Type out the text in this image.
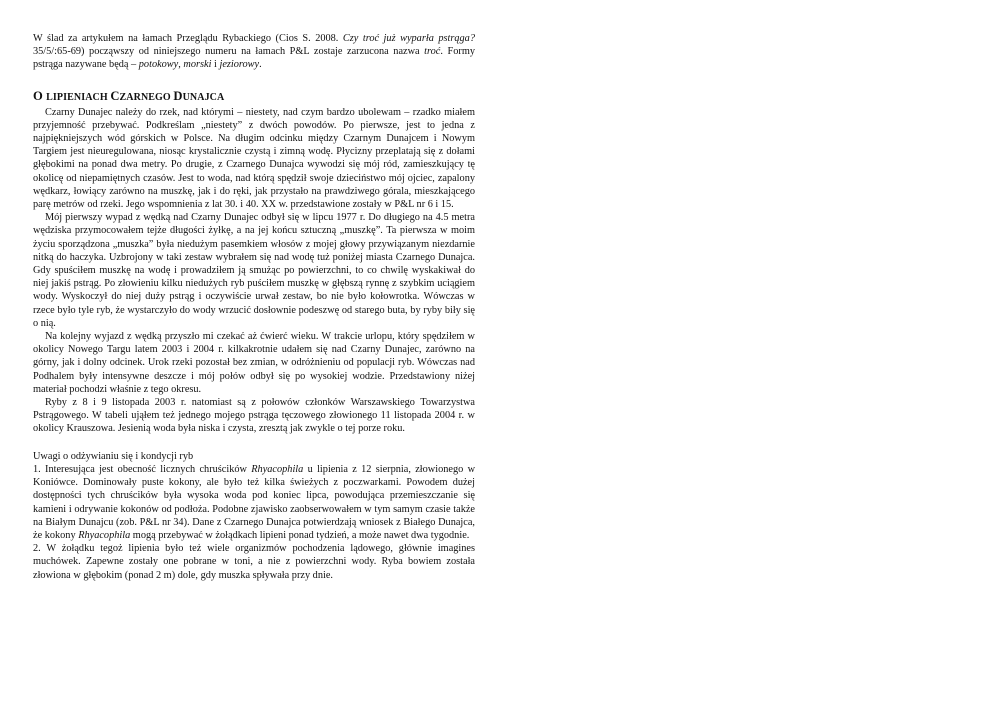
W ślad za artykułem na łamach Przeglądu Rybackiego (Cios S. 2008. Czy troć już wyparła pstrąga? 35/5/:65-69) począwszy od niniejszego numeru na łamach P&L zostaje zarzucona nazwa troć. Formy pstrąga nazywane będą – potokowy, morski i jeziorowy.

O LIPIENIACH CZARNEGO DUNAJCA

Czarny Dunajec należy do rzek, nad którymi – niestety, nad czym bardzo ubolewam – rzadko miałem przyjemność przebywać. Podkreślam „niestety” z dwóch powodów. Po pierwsze, jest to jedna z najpiękniejszych wód górskich w Polsce. Na długim odcinku między Czarnym Dunajcem i Nowym Targiem jest nieuregulowana, niosąc krystalicznie czystą i zimną wodę. Płycizny przeplatają się z dołami głębokimi na ponad dwa metry. Po drugie, z Czarnego Dunajca wywodzi się mój ród, zamieszkujący tę okolicę od niepamiętnych czasów. Jest to woda, nad którą spędził swoje dzieciństwo mój ojciec, zapalony wędkarz, łowiący zarówno na muszkę, jak i do ręki, jak przystało na prawdziwego górala, mieszkającego parę metrów od rzeki. Jego wspomnienia z lat 30. i 40. XX w. przedstawione zostały w P&L nr 6 i 15.

Mój pierwszy wypad z wędką nad Czarny Dunajec odbył się w lipcu 1977 r. Do długiego na 4.5 metra wędziska przymocowałem tejże długości żyłkę, a na jej końcu sztuczną „muszkę”. Ta pierwsza w moim życiu sporządzona „muszka” była niedużym pasemkiem włosów z mojej głowy przywiązanym niezdarnie nitką do haczyka. Uzbrojony w taki zestaw wybrałem się nad wodę tuż poniżej miasta Czarnego Dunajca. Gdy spuściłem muszkę na wodę i prowadziłem ją smużąc po powierzchni, to co chwilę wyskakiwał do niej jakiś pstrąg. Po złowieniu kilku niedużych ryb puściłem muszkę w głębszą rynnę z szybkim uciągiem wody. Wyskoczył do niej duży pstrąg i oczywiście urwał zestaw, bo nie było kołowrotka. Wówczas w rzece było tyle ryb, że wystarczyło do wody wrzucić dosłownie podeszwę od starego buta, by ryby biły się o nią.

Na kolejny wyjazd z wędką przyszło mi czekać aż ćwierć wieku. W trakcie urlopu, który spędziłem w okolicy Nowego Targu latem 2003 i 2004 r. kilkakrotnie udałem się nad Czarny Dunajec, zarówno na górny, jak i dolny odcinek. Urok rzeki pozostał bez zmian, w odróżnieniu od populacji ryb. Wówczas nad Podhalem były intensywne deszcze i mój połów odbył się po wysokiej wodzie. Przedstawiony niżej materiał pochodzi właśnie z tego okresu.

Ryby z 8 i 9 listopada 2003 r. natomiast są z połowów członków Warszawskiego Towarzystwa Pstrągowego. W tabeli ująłem też jednego mojego pstrąga tęczowego złowionego 11 listopada 2004 r. w okolicy Krauszowa. Jesienią woda była niska i czysta, zresztą jak zwykle o tej porze roku.

Uwagi o odżywianiu się i kondycji ryb

1. Interesująca jest obecność licznych chruścików Rhyacophila u lipienia z 12 sierpnia, złowionego w Koniówce. Dominowały puste kokony, ale było też kilka świeżych z poczwarkami. Powodem dużej dostępności tych chruścików była wysoka woda pod koniec lipca, powodująca przemieszczanie się kamieni i odrywanie kokonów od podłoża. Podobne zjawisko zaobserwowałem w tym samym czasie także na Białym Dunajcu (zob. P&L nr 34). Dane z Czarnego Dunajca potwierdzają wniosek z Białego Dunajca, że kokony Rhyacophila mogą przebywać w żołądkach lipieni ponad tydzień, a może nawet dwa tygodnie.

2. W żołądku tegoż lipienia było też wiele organizmów pochodzenia lądowego, głównie imagines muchówek. Zapewne zostały one pobrane w toni, a nie z powierzchni wody. Ryba bowiem została złowiona w głębokim (ponad 2 m) dole, gdy muszka spływała przy dnie.
